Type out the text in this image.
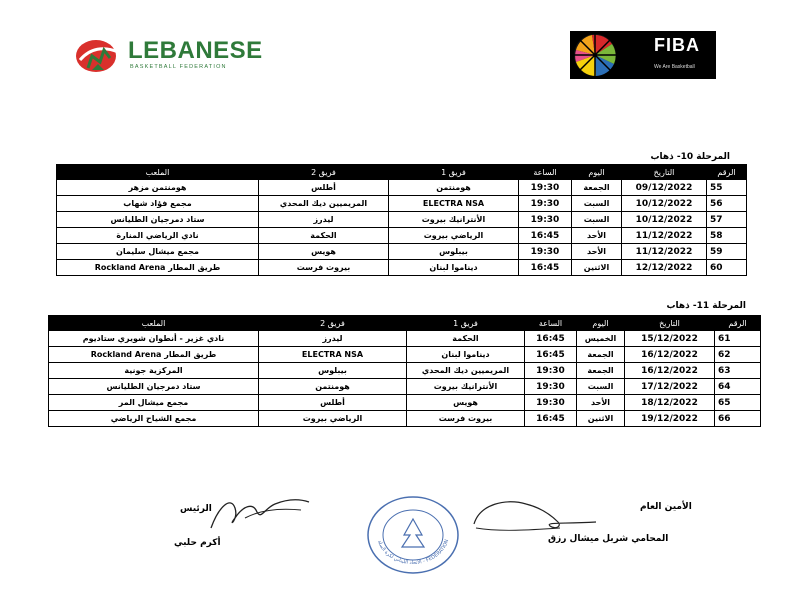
LEBANESE
BASKETBALL FEDERATION
FIBA
We Are Basketball
المرحلة 10- ذهاب
الملعب	فريق 2	فريق 1	الساعة	اليوم	التاريخ	الرقم
هومنتمن مزهر	أطلس	هومنتمن	19:30	الجمعة	09/12/2022	55
مجمع فؤاد شهاب	المريميين ديك المحدي	ELECTRA NSA	19:30	السبت	10/12/2022	56
ستاد دمرجيان الطليانس	ليدرز	الأنترانيك بيروت	19:30	السبت	10/12/2022	57
نادي الرياضي المنارة	الحكمة	الرياضي بيروت	16:45	الأحد	11/12/2022	58
مجمع ميشال سليمان	هويس	بيبلوس	19:30	الأحد	11/12/2022	59
Rockland Arena طريق المطار	بيروت فرست	ديناموا لبنان	16:45	الاثنين	12/12/2022	60
المرحلة 11- ذهاب
الملعب	فريق 2	فريق 1	الساعة	اليوم	التاريخ	الرقم
نادي غزير - أنطوان شويري ستاديوم	ليدرز	الحكمة	16:45	الخميس	15/12/2022	61
Rockland Arena طريق المطار	ELECTRA NSA	ديناموا لبنان	16:45	الجمعة	16/12/2022	62
المركزية جونية	بيبلوس	المريميين ديك المحدي	19:30	الجمعة	16/12/2022	63
ستاد دمرجيان الطليانس	هومنتمن	الأنترانيك بيروت	19:30	السبت	17/12/2022	64
مجمع ميشال المر	أطلس	هويس	19:30	الأحد	18/12/2022	65
مجمع الشياح الرياضي	الرياضي بيروت	بيروت فرست	16:45	الاثنين	19/12/2022	66
الرئيس
أكرم حلبي
الاتحاد اللبناني لكرة السلة - FEDERATION
الأمين العام
المحامي شربل ميشال رزق
